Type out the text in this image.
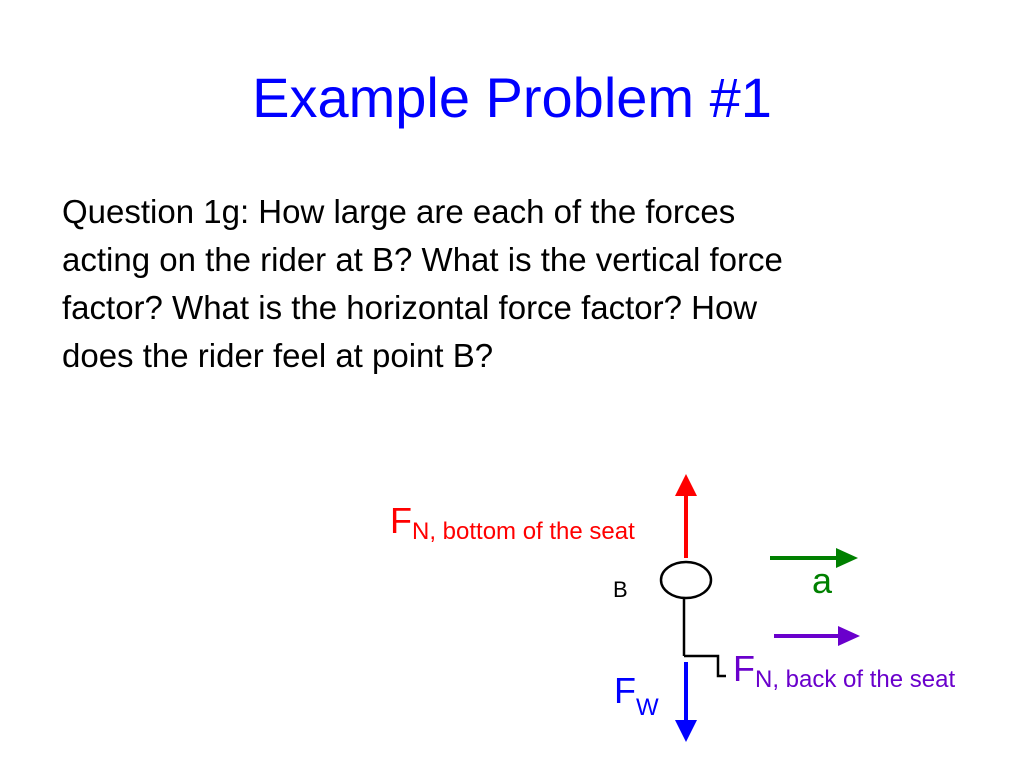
Example Problem #1
Question 1g: How large are each of the forces
acting on the rider at B? What is the vertical force
factor? What is the horizontal force factor? How
does the rider feel at point B?
FN, bottom of the seat
B	a
FN, back of the seat
FW
